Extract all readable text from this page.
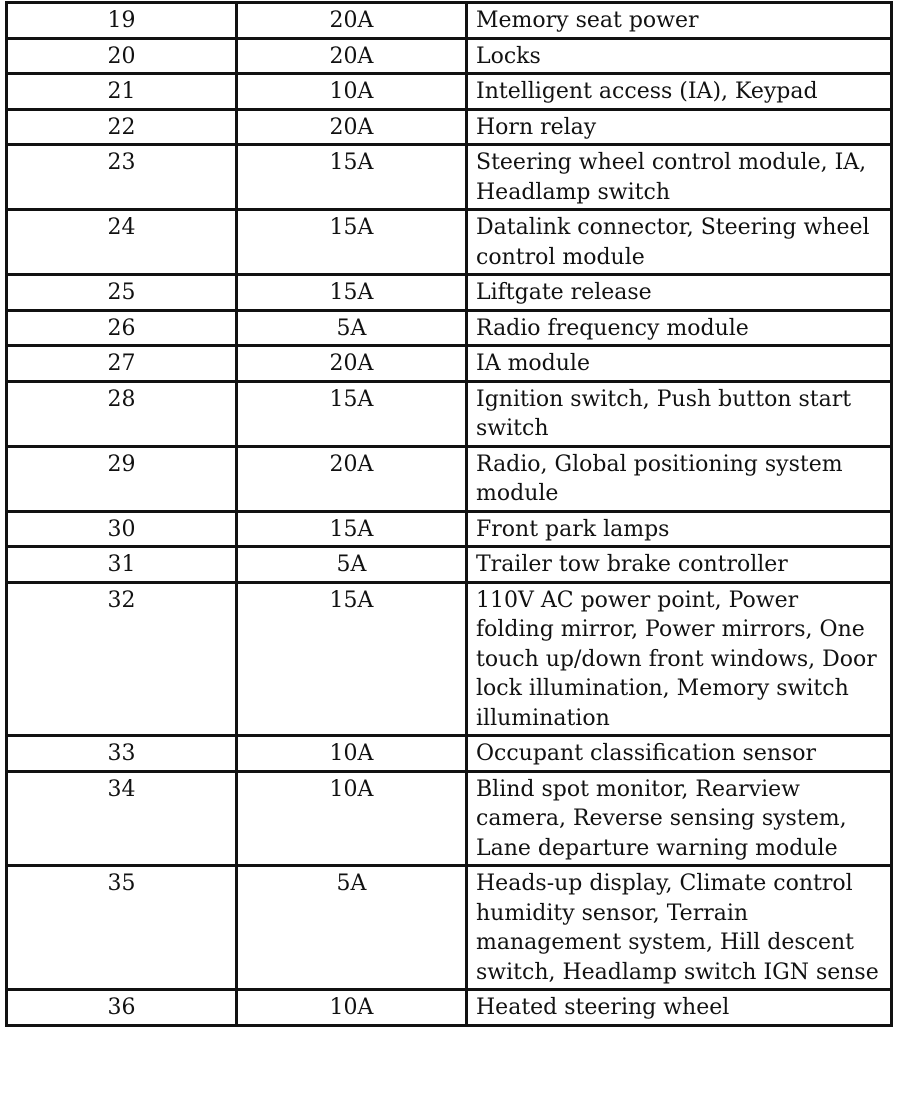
19	20A	Memory seat power
20	20A	Locks
21	10A	Intelligent access (IA), Keypad
22	20A	Horn relay
23	15A	Steering wheel control module, IA, Headlamp switch
24	15A	Datalink connector, Steering wheel control module
25	15A	Liftgate release
26	5A	Radio frequency module
27	20A	IA module
28	15A	Ignition switch, Push button start switch
29	20A	Radio, Global positioning system module
30	15A	Front park lamps
31	5A	Trailer tow brake controller
32	15A	110V AC power point, Power folding mirror, Power mirrors, One touch up/down front windows, Door lock illumination, Memory switch illumination
33	10A	Occupant classification sensor
34	10A	Blind spot monitor, Rearview camera, Reverse sensing system, Lane departure warning module
35	5A	Heads-up display, Climate control humidity sensor, Terrain management system, Hill descent switch, Headlamp switch IGN sense
36	10A	Heated steering wheel
